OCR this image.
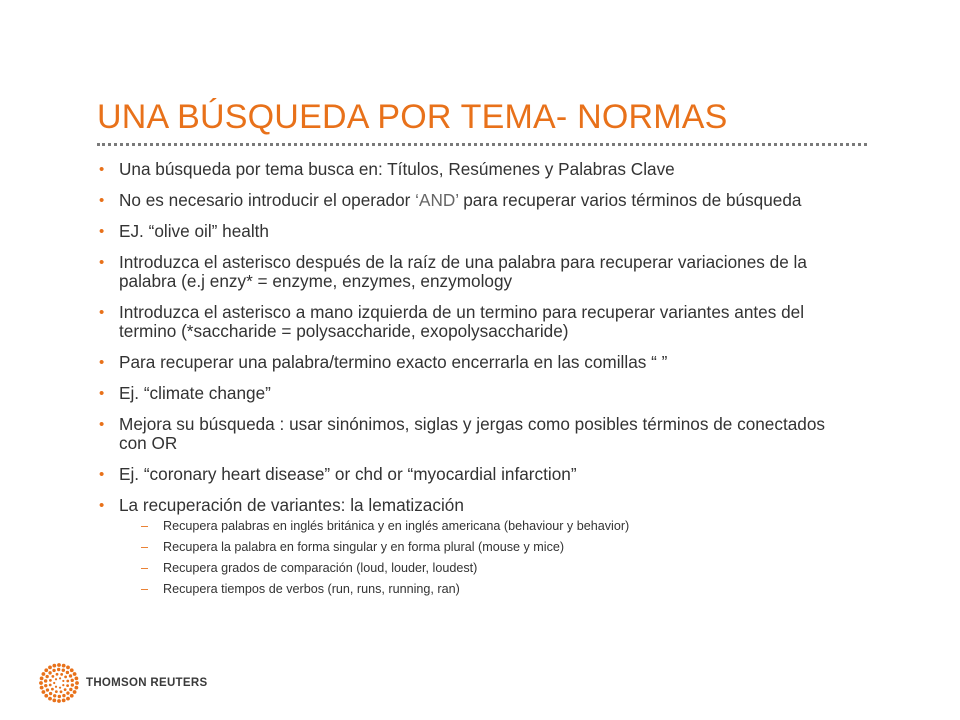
UNA BÚSQUEDA POR TEMA- NORMAS
• Una búsqueda por tema busca en: Títulos, Resúmenes y Palabras Clave
• No es necesario introducir el operador ‘AND’ para recuperar varios términos de búsqueda
• EJ. “olive oil” health
• Introduzca el asterisco después de la raíz de una palabra para recuperar variaciones de la palabra (e.j enzy* = enzyme, enzymes, enzymology
• Introduzca el asterisco a mano izquierda de un termino para recuperar variantes antes del termino (*saccharide = polysaccharide, exopolysaccharide)
• Para recuperar una palabra/termino exacto encerrarla en las comillas “ ”
• Ej. “climate change”
• Mejora su búsqueda : usar sinónimos, siglas y jergas como posibles términos de conectados con OR
• Ej. “coronary heart disease” or chd or “myocardial infarction”
• La recuperación de variantes: la lematización
– Recupera palabras en inglés británica y en inglés americana (behaviour y behavior)
– Recupera la palabra en forma singular y en forma plural (mouse y mice)
– Recupera grados de comparación (loud, louder, loudest)
– Recupera tiempos de verbos (run, runs, running, ran)
THOMSON REUTERS
